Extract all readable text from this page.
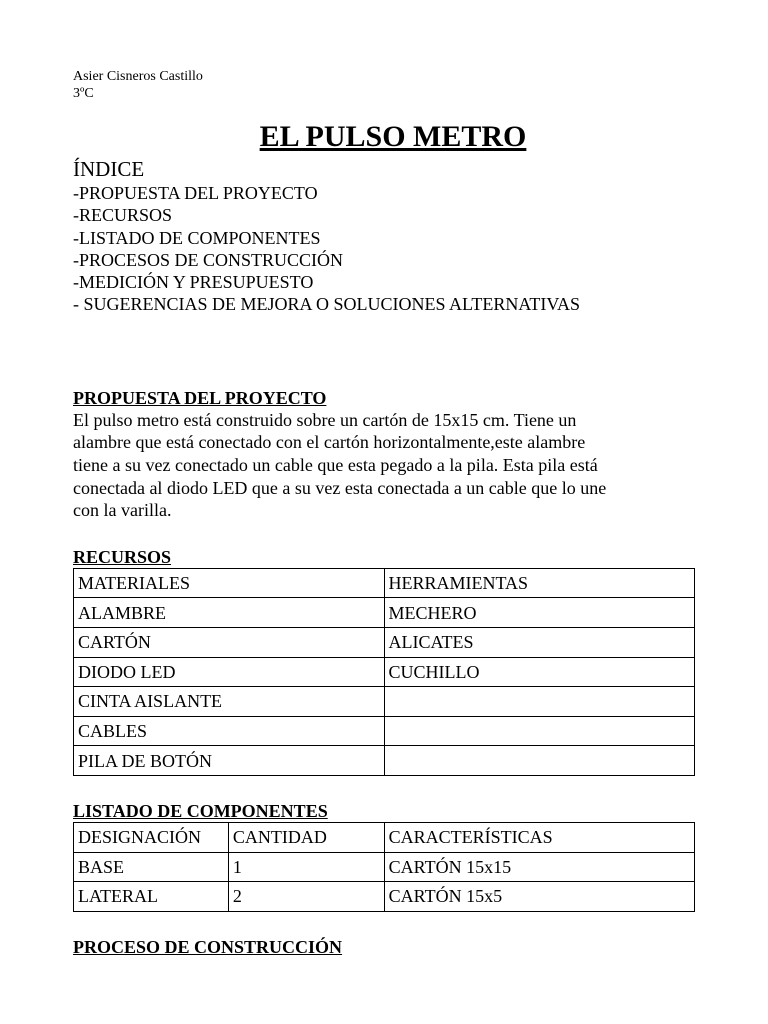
Asier Cisneros Castillo
3ºC
EL PULSO METRO
ÍNDICE
-PROPUESTA DEL PROYECTO
-RECURSOS
-LISTADO DE COMPONENTES
-PROCESOS DE CONSTRUCCIÓN
-MEDICIÓN Y PRESUPUESTO
- SUGERENCIAS DE MEJORA O SOLUCIONES ALTERNATIVAS
PROPUESTA DEL PROYECTO
El pulso metro está construido sobre un cartón de 15x15 cm. Tiene un
alambre que está conectado con el cartón horizontalmente,este alambre
tiene a su vez conectado un cable que esta pegado a la pila. Esta pila está
conectada al diodo LED que a su vez esta conectada a un cable que lo une
con la varilla.
RECURSOS
MATERIALES	HERRAMIENTAS
ALAMBRE	MECHERO
CARTÓN	ALICATES
DIODO LED	CUCHILLO
CINTA AISLANTE	
CABLES	
PILA DE BOTÓN	
LISTADO DE COMPONENTES
DESIGNACIÓN	CANTIDAD	CARACTERÍSTICAS
BASE	1	CARTÓN 15x15
LATERAL	2	CARTÓN 15x5
PROCESO DE CONSTRUCCIÓN
